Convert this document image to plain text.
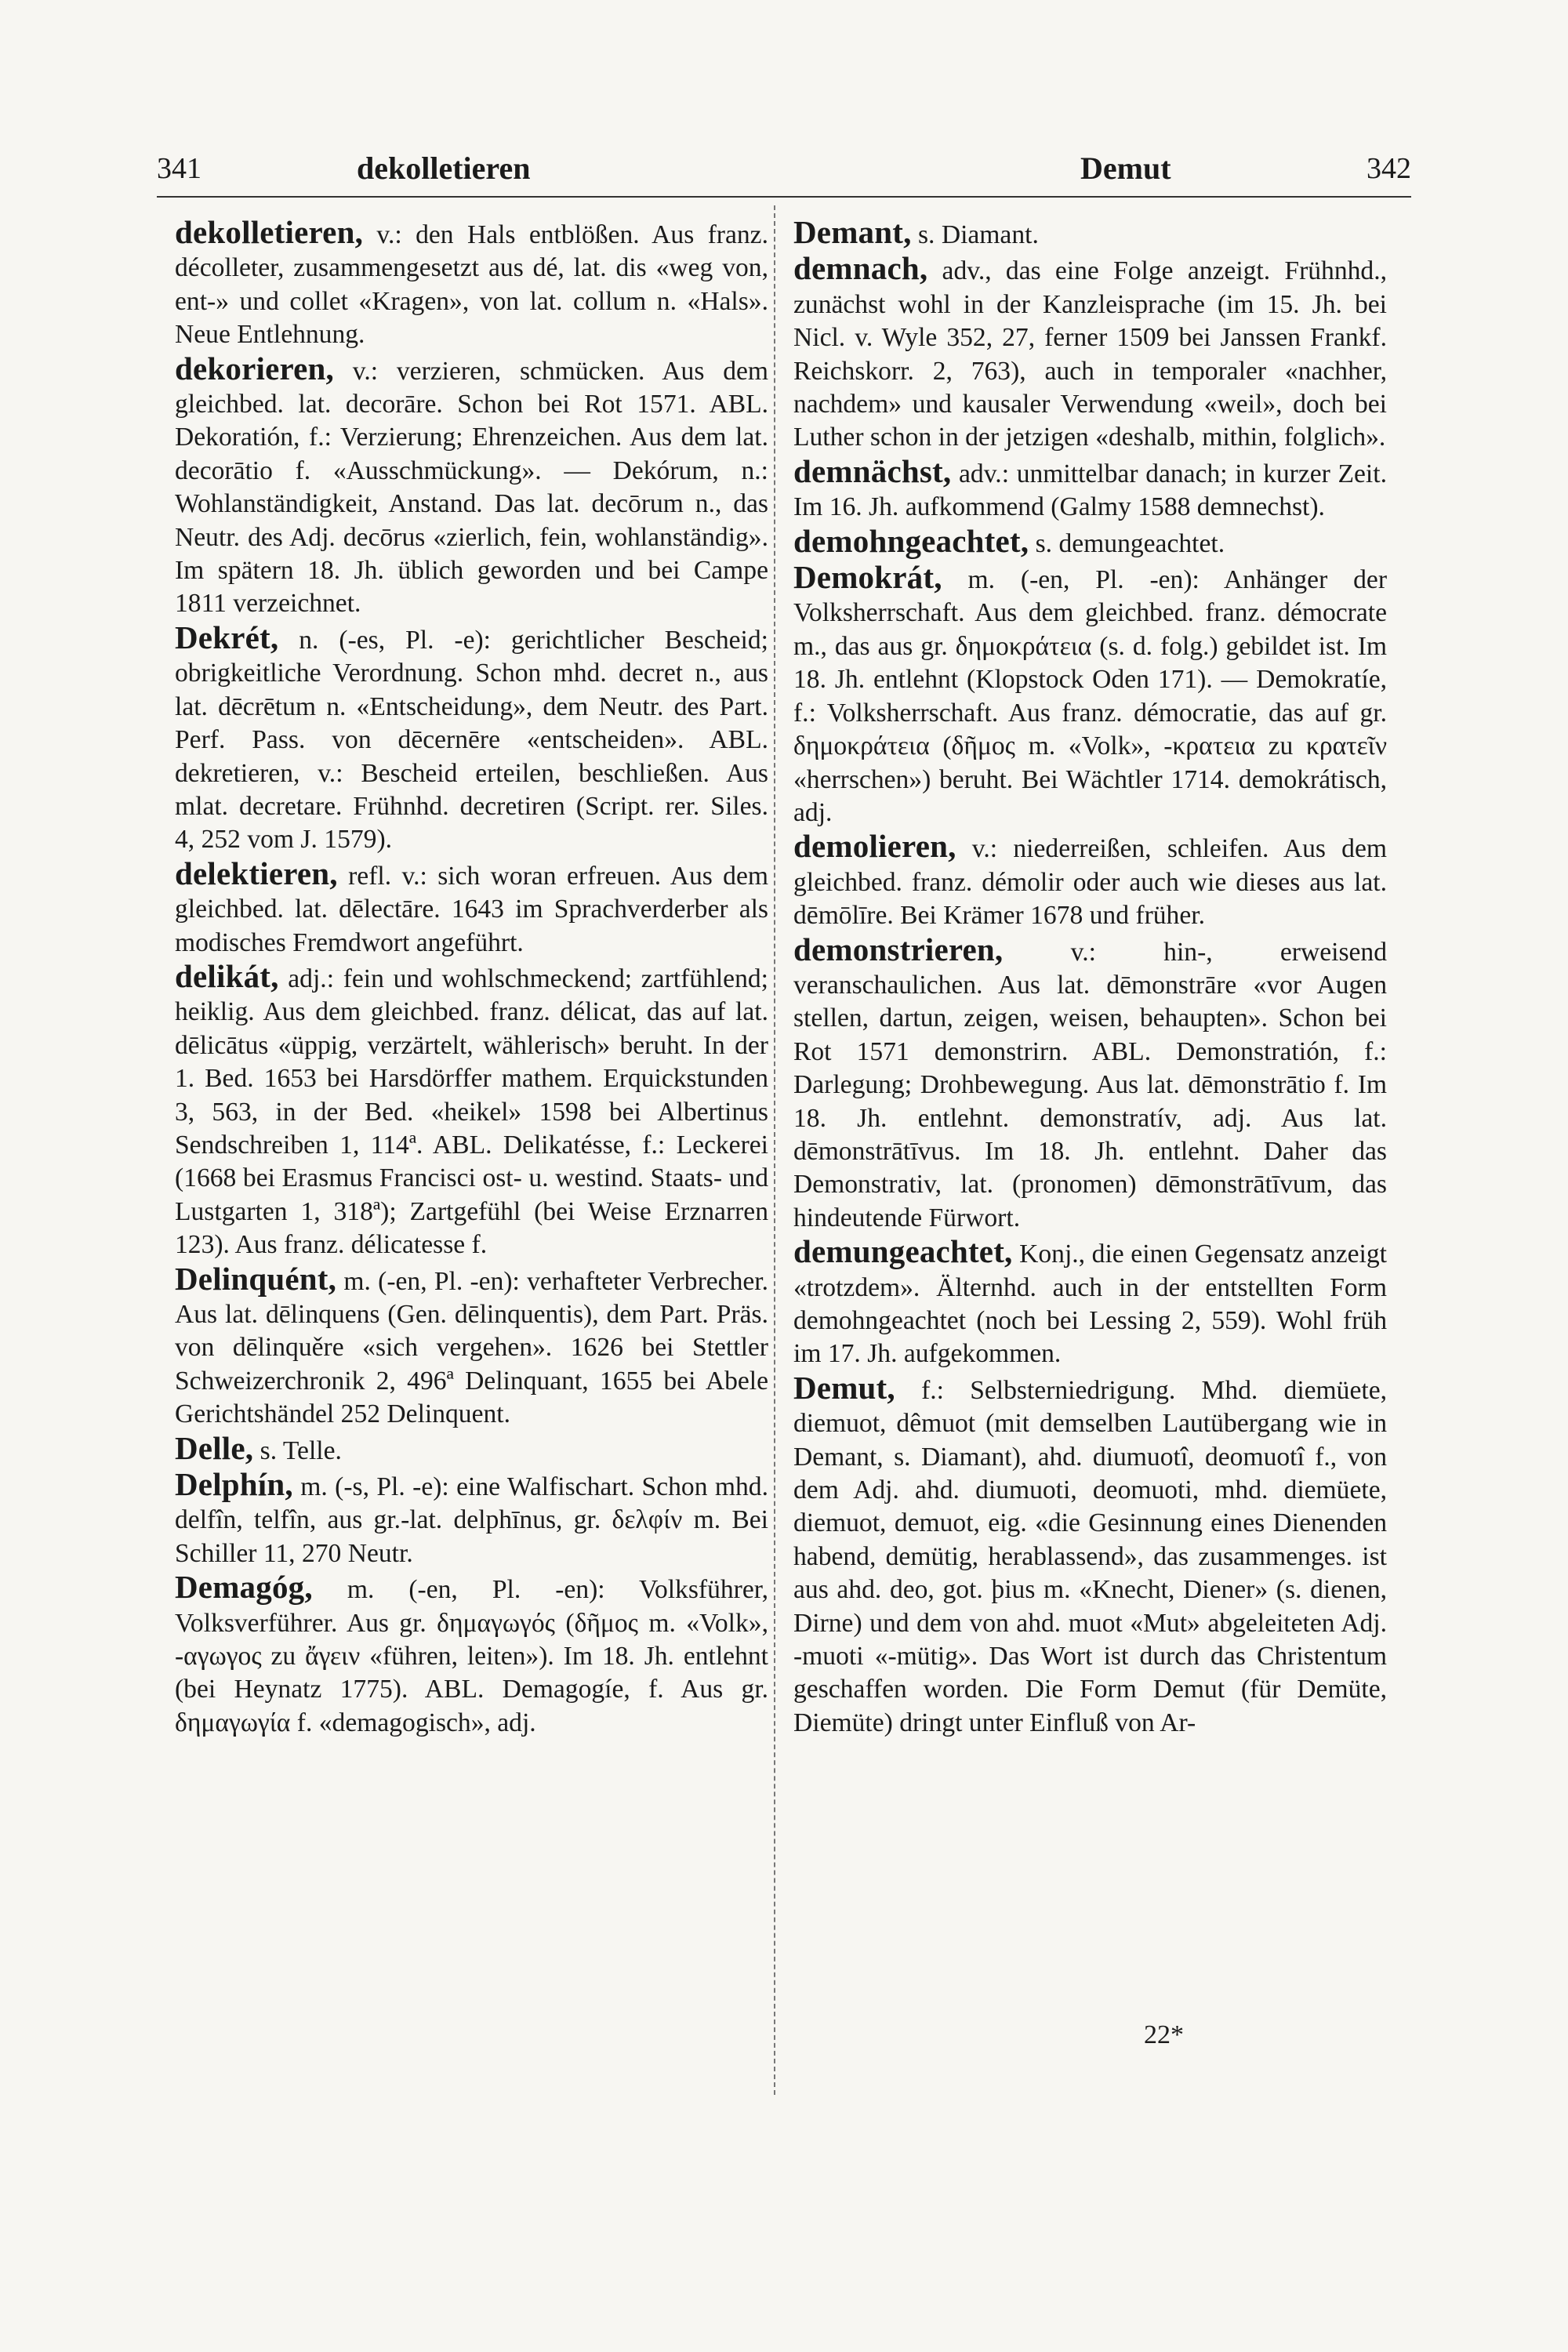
341	dekolletieren	Demut	342
dekolletieren, v.: den Hals entblößen. Aus franz. décolleter, zusammengesetzt aus dé, lat. dis «weg von, ent-» und collet «Kragen», von lat. collum n. «Hals». Neue Entlehnung.
dekorieren, v.: verzieren, schmücken. Aus dem gleichbed. lat. decorāre. Schon bei Rot 1571. ABL. Dekoratión, f.: Verzierung; Ehrenzeichen. Aus dem lat. decorātio f. «Ausschmückung». — Dekórum, n.: Wohlanständigkeit, Anstand. Das lat. decōrum n., das Neutr. des Adj. decōrus «zierlich, fein, wohlanständig». Im spätern 18. Jh. üblich geworden und bei Campe 1811 verzeichnet.
Dekrét, n. (-es, Pl. -e): gerichtlicher Bescheid; obrigkeitliche Verordnung. Schon mhd. decret n., aus lat. dēcrētum n. «Entscheidung», dem Neutr. des Part. Perf. Pass. von dēcernēre «entscheiden». ABL. dekretieren, v.: Bescheid erteilen, beschließen. Aus mlat. decretare. Frühnhd. decretiren (Script. rer. Siles. 4, 252 vom J. 1579).
delektieren, refl. v.: sich woran erfreuen. Aus dem gleichbed. lat. dēlectāre. 1643 im Sprachverderber als modisches Fremdwort angeführt.
delikát, adj.: fein und wohlschmeckend; zartfühlend; heiklig. Aus dem gleichbed. franz. délicat, das auf lat. dēlicātus «üppig, verzärtelt, wählerisch» beruht. In der 1. Bed. 1653 bei Harsdörffer mathem. Erquickstunden 3, 563, in der Bed. «heikel» 1598 bei Albertinus Sendschreiben 1, 114ª. ABL. Delikatésse, f.: Leckerei (1668 bei Erasmus Francisci ost- u. westind. Staats- und Lustgarten 1, 318ª); Zartgefühl (bei Weise Erznarren 123). Aus franz. délicatesse f.
Delinquént, m. (-en, Pl. -en): verhafteter Verbrecher. Aus lat. dēlinquens (Gen. dēlinquentis), dem Part. Präs. von dēlinquěre «sich vergehen». 1626 bei Stettler Schweizerchronik 2, 496ª Delinquant, 1655 bei Abele Gerichtshändel 252 Delinquent.
Delle, s. Telle.
Delphín, m. (-s, Pl. -e): eine Walfischart. Schon mhd. delfîn, telfîn, aus gr.-lat. delphīnus, gr. δελφίν m. Bei Schiller 11, 270 Neutr.
Demagóg, m. (-en, Pl. -en): Volksführer, Volksverführer. Aus gr. δημαγωγός (δῆμος m. «Volk», -αγωγος zu ἄγειν «führen, leiten»). Im 18. Jh. entlehnt (bei Heynatz 1775). ABL. Demagogíe, f. Aus gr. δημαγωγία f. «demagogisch», adj.
Demant, s. Diamant.
demnach, adv., das eine Folge anzeigt. Frühnhd., zunächst wohl in der Kanzleisprache (im 15. Jh. bei Nicl. v. Wyle 352, 27, ferner 1509 bei Janssen Frankf. Reichskorr. 2, 763), auch in temporaler «nachher, nachdem» und kausaler Verwendung «weil», doch bei Luther schon in der jetzigen «deshalb, mithin, folglich».
demnächst, adv.: unmittelbar danach; in kurzer Zeit. Im 16. Jh. aufkommend (Galmy 1588 demnechst).
demohngeachtet, s. demungeachtet.
Demokrát, m. (-en, Pl. -en): Anhänger der Volksherrschaft. Aus dem gleichbed. franz. démocrate m., das aus gr. δημοκράτεια (s. d. folg.) gebildet ist. Im 18. Jh. entlehnt (Klopstock Oden 171). — Demokratíe, f.: Volksherrschaft. Aus franz. démocratie, das auf gr. δημοκράτεια (δῆμος m. «Volk», -κρατεια zu κρατεῖν «herrschen») beruht. Bei Wächtler 1714. demokrátisch, adj.
demolieren, v.: niederreißen, schleifen. Aus dem gleichbed. franz. démolir oder auch wie dieses aus lat. dēmōlīre. Bei Krämer 1678 und früher.
demonstrieren, v.: hin-, erweisend veranschaulichen. Aus lat. dēmonstrāre «vor Augen stellen, dartun, zeigen, weisen, behaupten». Schon bei Rot 1571 demonstrirn. ABL. Demonstratión, f.: Darlegung; Drohbewegung. Aus lat. dēmonstrātio f. Im 18. Jh. entlehnt. demonstratív, adj. Aus lat. dēmonstrātīvus. Im 18. Jh. entlehnt. Daher das Demonstrativ, lat. (pronomen) dēmonstrātīvum, das hindeutende Fürwort.
demungeachtet, Konj., die einen Gegensatz anzeigt «trotzdem». Älternhd. auch in der entstellten Form demohngeachtet (noch bei Lessing 2, 559). Wohl früh im 17. Jh. aufgekommen.
Demut, f.: Selbsterniedrigung. Mhd. diemüete, diemuot, dêmuot (mit demselben Lautübergang wie in Demant, s. Diamant), ahd. diumuotî, deomuotî f., von dem Adj. ahd. diumuoti, deomuoti, mhd. diemüete, diemuot, demuot, eig. «die Gesinnung eines Dienenden habend, demütig, herablassend», das zusammenges. ist aus ahd. deo, got. þius m. «Knecht, Diener» (s. dienen, Dirne) und dem von ahd. muot «Mut» abgeleiteten Adj. -muoti «-mütig». Das Wort ist durch das Christentum geschaffen worden. Die Form Demut (für Demüte, Diemüte) dringt unter Einfluß von Ar-
22*
